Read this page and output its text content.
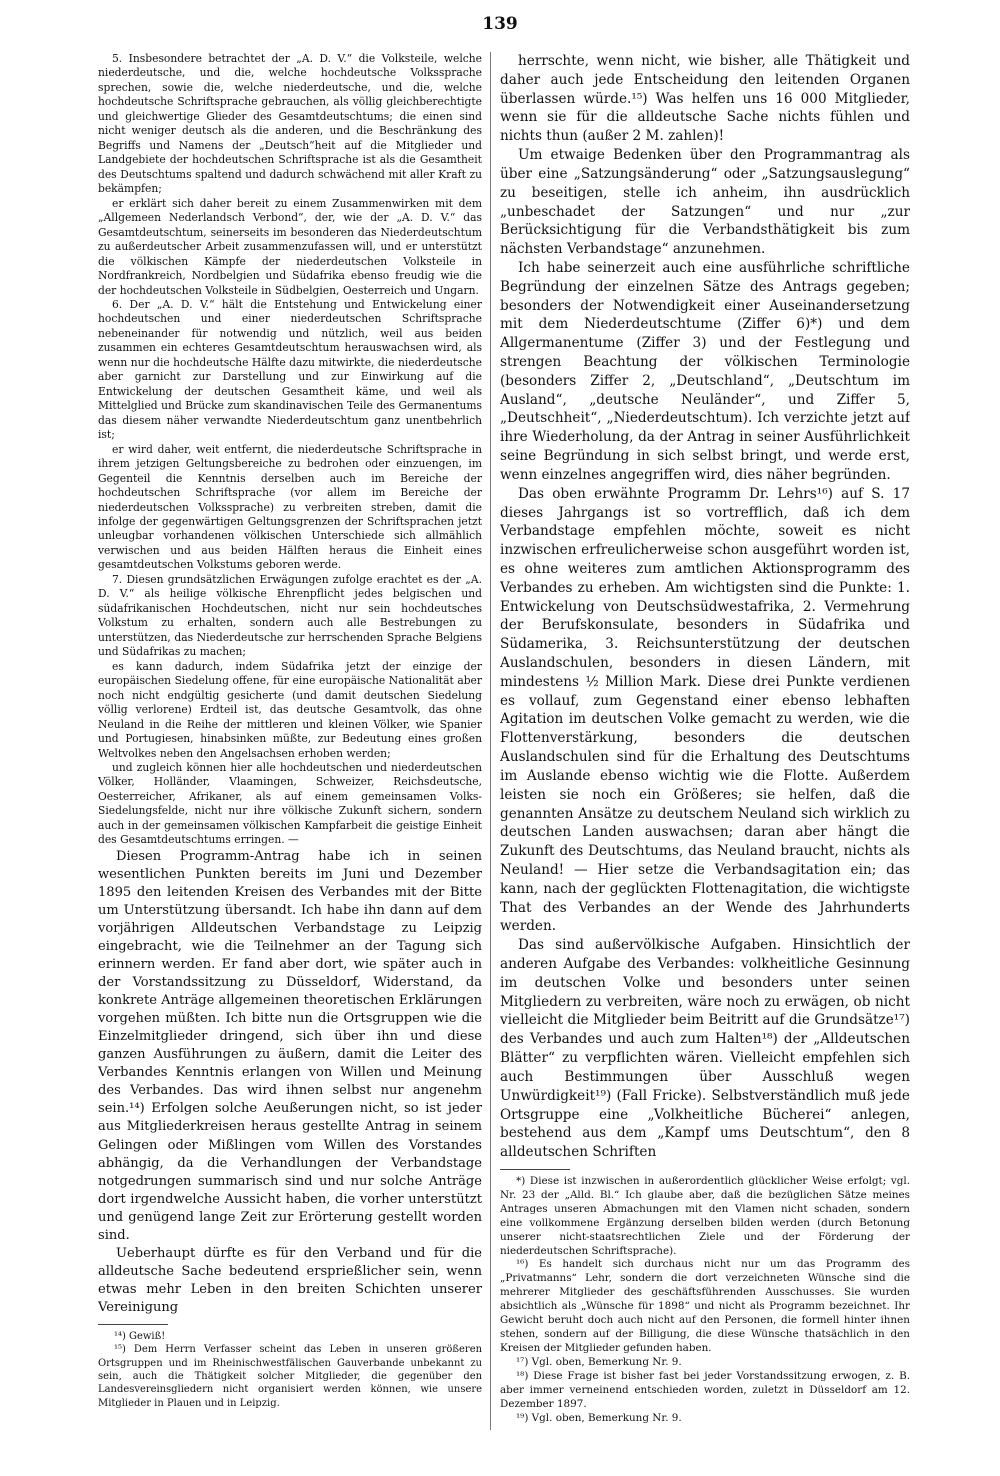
139

5. Insbesondere betrachtet der „A. D. V.“ die Volksteile, welche niederdeutsche, und die, welche hochdeutsche Volkssprache sprechen, sowie die, welche niederdeutsche, und die, welche hochdeutsche Schriftsprache gebrauchen, als völlig gleichberechtigte und gleichwertige Glieder des Gesamtdeutschtums; die einen sind nicht weniger deutsch als die anderen, und die Beschränkung des Begriffs und Namens der „Deutsch“heit auf die Mitglieder und Landgebiete der hochdeutschen Schriftsprache ist als die Gesamtheit des Deutschtums spaltend und dadurch schwächend mit aller Kraft zu bekämpfen;

er erklärt sich daher bereit zu einem Zusammenwirken mit dem „Allgemeen Nederlandsch Verbond“, der, wie der „A. D. V.“ das Gesamtdeutschtum, seinerseits im besonderen das Niederdeutschtum zu außerdeutscher Arbeit zusammenzufassen will, und er unterstützt die völkischen Kämpfe der niederdeutschen Volksteile in Nordfrankreich, Nordbelgien und Südafrika ebenso freudig wie die der hochdeutschen Volksteile in Südbelgien, Oesterreich und Ungarn.

6. Der „A. D. V.“ hält die Entstehung und Entwickelung einer hochdeutschen und einer niederdeutschen Schriftsprache nebeneinander für notwendig und nützlich, weil aus beiden zusammen ein echteres Gesamtdeutschtum herauswachsen wird, als wenn nur die hochdeutsche Hälfte dazu mitwirkte, die niederdeutsche aber garnicht zur Darstellung und zur Einwirkung auf die Entwickelung der deutschen Gesamtheit käme, und weil als Mittelglied und Brücke zum skandinavischen Teile des Germanentums das diesem näher verwandte Niederdeutschtum ganz unentbehrlich ist;

er wird daher, weit entfernt, die niederdeutsche Schriftsprache in ihrem jetzigen Geltungsbereiche zu bedrohen oder einzuengen, im Gegenteil die Kenntnis derselben auch im Bereiche der hochdeutschen Schriftsprache (vor allem im Bereiche der niederdeutschen Volkssprache) zu verbreiten streben, damit die infolge der gegenwärtigen Geltungsgrenzen der Schriftsprachen jetzt unleugbar vorhandenen völkischen Unterschiede sich allmählich verwischen und aus beiden Hälften heraus die Einheit eines gesamtdeutschen Volkstums geboren werde.

7. Diesen grundsätzlichen Erwägungen zufolge erachtet es der „A. D. V.“ als heilige völkische Ehrenpflicht jedes belgischen und südafrikanischen Hochdeutschen, nicht nur sein hochdeutsches Volkstum zu erhalten, sondern auch alle Bestrebungen zu unterstützen, das Niederdeutsche zur herrschenden Sprache Belgiens und Südafrikas zu machen;

es kann dadurch, indem Südafrika jetzt der einzige der europäischen Siedelung offene, für eine europäische Nationalität aber noch nicht endgültig gesicherte (und damit deutschen Siedelung völlig verlorene) Erdteil ist, das deutsche Gesamtvolk, das ohne Neuland in die Reihe der mittleren und kleinen Völker, wie Spanier und Portugiesen, hinabsinken müßte, zur Bedeutung eines großen Weltvolkes neben den Angelsachsen erhoben werden;

und zugleich können hier alle hochdeutschen und niederdeutschen Völker, Holländer, Vlaamingen, Schweizer, Reichsdeutsche, Oesterreicher, Afrikaner, als auf einem gemeinsamen Volks-Siedelungsfelde, nicht nur ihre völkische Zukunft sichern, sondern auch in der gemeinsamen völkischen Kampfarbeit die geistige Einheit des Gesamtdeutschtums erringen. —

Diesen Programm-Antrag habe ich in seinen wesentlichen Punkten bereits im Juni und Dezember 1895 den leitenden Kreisen des Verbandes mit der Bitte um Unterstützung übersandt. Ich habe ihn dann auf dem vorjährigen Alldeutschen Verbandstage zu Leipzig eingebracht, wie die Teilnehmer an der Tagung sich erinnern werden. Er fand aber dort, wie später auch in der Vorstandssitzung zu Düsseldorf, Widerstand, da konkrete Anträge allgemeinen theoretischen Erklärungen vorgehen müßten. Ich bitte nun die Ortsgruppen wie die Einzelmitglieder dringend, sich über ihn und diese ganzen Ausführungen zu äußern, damit die Leiter des Verbandes Kenntnis erlangen von Willen und Meinung des Verbandes. Das wird ihnen selbst nur angenehm sein.¹⁴) Erfolgen solche Aeußerungen nicht, so ist jeder aus Mitgliederkreisen heraus gestellte Antrag in seinem Gelingen oder Mißlingen vom Willen des Vorstandes abhängig, da die Verhandlungen der Verbandstage notgedrungen summarisch sind und nur solche Anträge dort irgendwelche Aussicht haben, die vorher unterstützt und genügend lange Zeit zur Erörterung gestellt worden sind.

Ueberhaupt dürfte es für den Verband und für die alldeutsche Sache bedeutend ersprießlicher sein, wenn etwas mehr Leben in den breiten Schichten unserer Vereinigung

¹⁴) Gewiß!

¹⁵) Dem Herrn Verfasser scheint das Leben in unseren größeren Ortsgruppen und im Rheinischwestfälischen Gauverbande unbekannt zu sein, auch die Thätigkeit solcher Mitglieder, die gegenüber den Landesvereinsgliedern nicht organisiert werden können, wie unsere Mitglieder in Plauen und in Leipzig.

herrschte, wenn nicht, wie bisher, alle Thätigkeit und daher auch jede Entscheidung den leitenden Organen überlassen würde.¹⁵) Was helfen uns 16 000 Mitglieder, wenn sie für die alldeutsche Sache nichts fühlen und nichts thun (außer 2 M. zahlen)!

Um etwaige Bedenken über den Programmantrag als über eine „Satzungsänderung“ oder „Satzungsauslegung“ zu beseitigen, stelle ich anheim, ihn ausdrücklich „unbeschadet der Satzungen“ und nur „zur Berücksichtigung für die Verbandsthätigkeit bis zum nächsten Verbandstage“ anzunehmen.

Ich habe seinerzeit auch eine ausführliche schriftliche Begründung der einzelnen Sätze des Antrags gegeben; besonders der Notwendigkeit einer Auseinandersetzung mit dem Niederdeutschtume (Ziffer 6)*) und dem Allgermanentume (Ziffer 3) und der Festlegung und strengen Beachtung der völkischen Terminologie (besonders Ziffer 2, „Deutschland“, „Deutschtum im Ausland“, „deutsche Neuländer“, und Ziffer 5, „Deutschheit“, „Niederdeutschtum). Ich verzichte jetzt auf ihre Wiederholung, da der Antrag in seiner Ausführlichkeit seine Begründung in sich selbst bringt, und werde erst, wenn einzelnes angegriffen wird, dies näher begründen.

Das oben erwähnte Programm Dr. Lehrs¹⁶) auf S. 17 dieses Jahrgangs ist so vortrefflich, daß ich dem Verbandstage empfehlen möchte, soweit es nicht inzwischen erfreulicherweise schon ausgeführt worden ist, es ohne weiteres zum amtlichen Aktionsprogramm des Verbandes zu erheben. Am wichtigsten sind die Punkte: 1. Entwickelung von Deutschsüdwestafrika, 2. Vermehrung der Berufskonsulate, besonders in Südafrika und Südamerika, 3. Reichsunterstützung der deutschen Auslandschulen, besonders in diesen Ländern, mit mindestens ½ Million Mark. Diese drei Punkte verdienen es vollauf, zum Gegenstand einer ebenso lebhaften Agitation im deutschen Volke gemacht zu werden, wie die Flottenverstärkung, besonders die deutschen Auslandschulen sind für die Erhaltung des Deutschtums im Auslande ebenso wichtig wie die Flotte. Außerdem leisten sie noch ein Größeres; sie helfen, daß die genannten Ansätze zu deutschem Neuland sich wirklich zu deutschen Landen auswachsen; daran aber hängt die Zukunft des Deutschtums, das Neuland braucht, nichts als Neuland! — Hier setze die Verbandsagitation ein; das kann, nach der geglückten Flottenagitation, die wichtigste That des Verbandes an der Wende des Jahrhunderts werden.

Das sind außervölkische Aufgaben. Hinsichtlich der anderen Aufgabe des Verbandes: volkheitliche Gesinnung im deutschen Volke und besonders unter seinen Mitgliedern zu verbreiten, wäre noch zu erwägen, ob nicht vielleicht die Mitglieder beim Beitritt auf die Grundsätze¹⁷) des Verbandes und auch zum Halten¹⁸) der „Alldeutschen Blätter“ zu verpflichten wären. Vielleicht empfehlen sich auch Bestimmungen über Ausschluß wegen Unwürdigkeit¹⁹) (Fall Fricke). Selbstverständlich muß jede Ortsgruppe eine „Volkheitliche Bücherei“ anlegen, bestehend aus dem „Kampf ums Deutschtum“, den 8 alldeutschen Schriften

*) Diese ist inzwischen in außerordentlich glücklicher Weise erfolgt; vgl. Nr. 23 der „Alld. Bl.“ Ich glaube aber, daß die bezüglichen Sätze meines Antrages unseren Abmachungen mit den Vlamen nicht schaden, sondern eine vollkommene Ergänzung derselben bilden werden (durch Betonung unserer nicht-staatsrechtlichen Ziele und der Förderung der niederdeutschen Schriftsprache).

¹⁶) Es handelt sich durchaus nicht nur um das Programm des „Privatmanns“ Lehr, sondern die dort verzeichneten Wünsche sind die mehrerer Mitglieder des geschäftsführenden Ausschusses. Sie wurden absichtlich als „Wünsche für 1898“ und nicht als Programm bezeichnet. Ihr Gewicht beruht doch auch nicht auf den Personen, die formell hinter ihnen stehen, sondern auf der Billigung, die diese Wünsche thatsächlich in den Kreisen der Mitglieder gefunden haben.

¹⁷) Vgl. oben, Bemerkung Nr. 9.

¹⁸) Diese Frage ist bisher fast bei jeder Vorstandssitzung erwogen, z. B. aber immer verneinend entschieden worden, zuletzt in Düsseldorf am 12. Dezember 1897.

¹⁹) Vgl. oben, Bemerkung Nr. 9.
